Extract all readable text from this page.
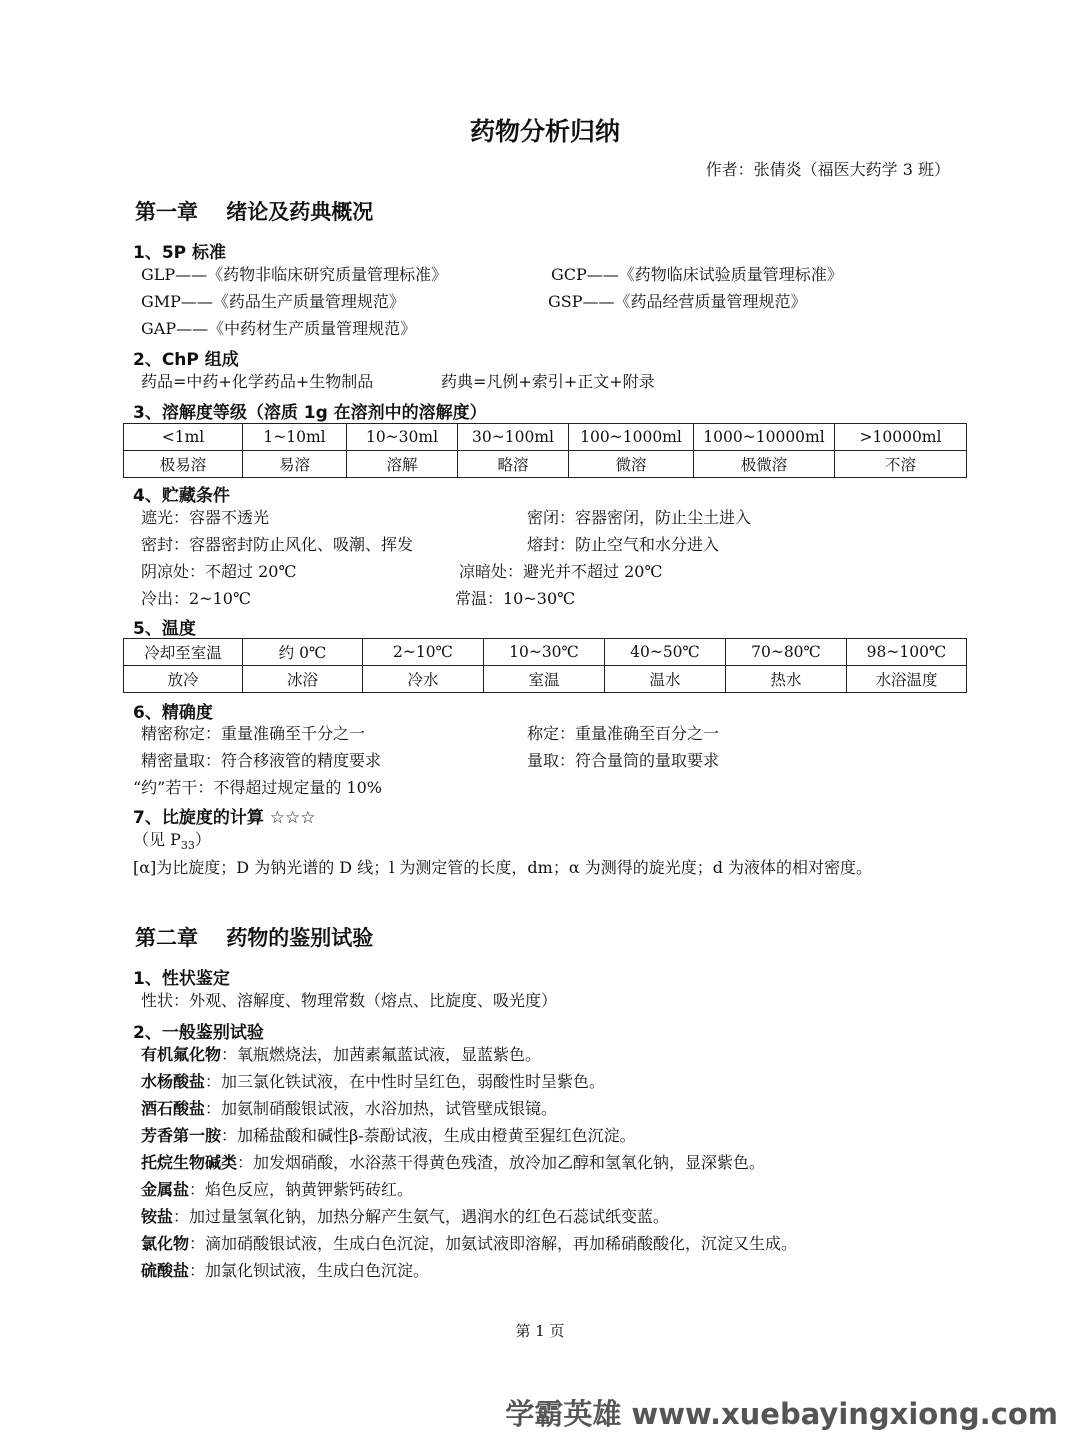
药物分析归纳
作者：张倩炎（福医大药学 3 班）
第一章　 绪论及药典概况
1、5P 标准
GLP——《药物非临床研究质量管理标准》	GCP——《药物临床试验质量管理标准》
GMP——《药品生产质量管理规范》	GSP——《药品经营质量管理规范》
GAP——《中药材生产质量管理规范》
2、ChP 组成
药品=中药+化学药品+生物制品	药典=凡例+索引+正文+附录
3、溶解度等级（溶质 1g 在溶剂中的溶解度）
<1ml	1~10ml	10~30ml	30~100ml	100~1000ml	1000~10000ml	>10000ml
极易溶	易溶	溶解	略溶	微溶	极微溶	不溶
4、贮藏条件
遮光：容器不透光	密闭：容器密闭，防止尘土进入
密封：容器密封防止风化、吸潮、挥发	熔封：防止空气和水分进入
阴凉处：不超过 20℃	凉暗处：避光并不超过 20℃
冷出：2~10℃	常温：10~30℃
5、温度
冷却至室温	约 0℃	2~10℃	10~30℃	40~50℃	70~80℃	98~100℃
放冷	冰浴	冷水	室温	温水	热水	水浴温度
6、精确度
精密称定：重量准确至千分之一	称定：重量准确至百分之一
精密量取：符合移液管的精度要求	量取：符合量筒的量取要求
“约”若干：不得超过规定量的 10%
7、比旋度的计算 ☆☆☆
（见 $P_{33}$）
[α]为比旋度；D 为钠光谱的 D 线；l 为测定管的长度，dm；α 为测得的旋光度；d 为液体的相对密度。
第二章　 药物的鉴别试验
1、性状鉴定
性状：外观、溶解度、物理常数（熔点、比旋度、吸光度）
2、一般鉴别试验
有机氟化物：氧瓶燃烧法，加茜素氟蓝试液，显蓝紫色。
水杨酸盐：加三氯化铁试液，在中性时呈红色，弱酸性时呈紫色。
酒石酸盐：加氨制硝酸银试液，水浴加热，试管壁成银镜。
芳香第一胺：加稀盐酸和碱性β-萘酚试液，生成由橙黄至猩红色沉淀。
托烷生物碱类：加发烟硝酸，水浴蒸干得黄色残渣，放冷加乙醇和氢氧化钠，显深紫色。
金属盐：焰色反应，钠黄钾紫钙砖红。
铵盐：加过量氢氧化钠，加热分解产生氨气，遇润水的红色石蕊试纸变蓝。
氯化物：滴加硝酸银试液，生成白色沉淀，加氨试液即溶解，再加稀硝酸酸化，沉淀又生成。
硫酸盐：加氯化钡试液，生成白色沉淀。
第 1 页
学霸英雄 www.xuebayingxiong.com
